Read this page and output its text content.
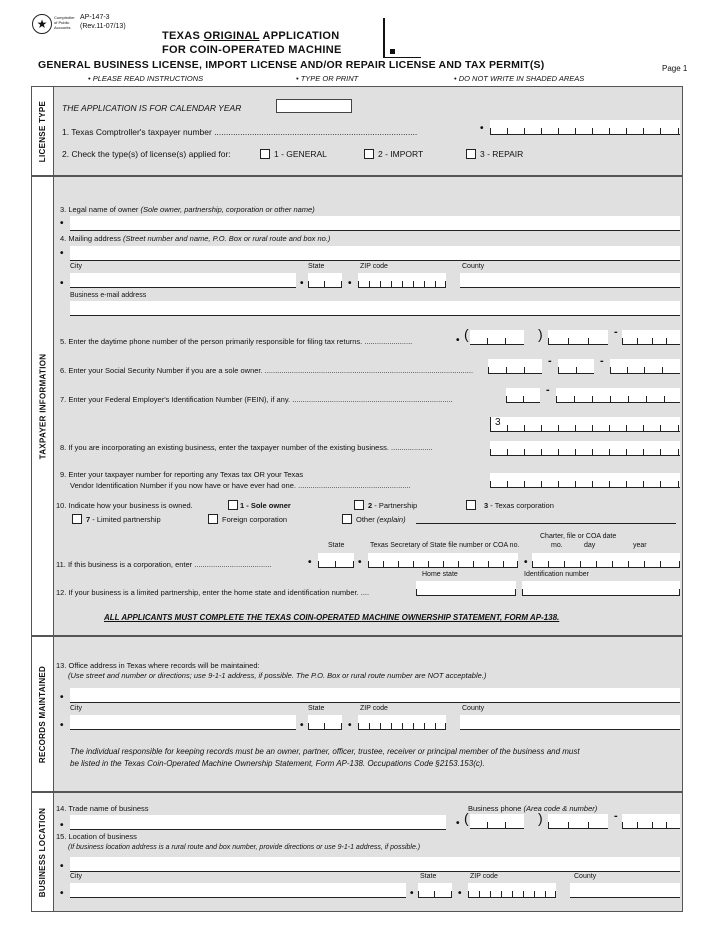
★ Comptroller of Public Accounts
AP-147-3
(Rev.11-07/13)
TEXAS ORIGINAL APPLICATION
FOR COIN-OPERATED MACHINE
GENERAL BUSINESS LICENSE, IMPORT LICENSE AND/OR REPAIR LICENSE AND TAX PERMIT(S)	Page 1
• PLEASE READ INSTRUCTIONS	• TYPE OR PRINT	• DO NOT WRITE IN SHADED AREAS
LICENSE TYPE THE APPLICATION IS FOR CALENDAR YEAR
1. Texas Comptroller's taxpayer number ......................................................................................	•
2. Check the type(s) of license(s) applied for:	1 - GENERAL	2 - IMPORT	3 - REPAIR
TAXPAYER INFORMATION
3. Legal name of owner (Sole owner, partnership, corporation or other name)
•
4. Mailing address (Street number and name, P.O. Box or rural route and box no.)
•
City	State	ZIP code	County
•	•	•
Business e-mail address
5. Enter the daytime phone number of the person primarily responsible for filing tax returns. .......................	• (	)	-
6. Enter your Social Security Number if you are a sole owner. ....................................................................................................
-	-
7. Enter your Federal Employer's Identification Number (FEIN), if any. .............................................................................
-
3
8. If you are incorporating an existing business, enter the taxpayer number of the existing business. ....................
9. Enter your taxpayer number for reporting any Texas tax OR your Texas
Vendor Identification Number if you now have or have ever had one. ......................................................
10. Indicate how your business is owned.	1 - Sole owner	2 - Partnership	3 - Texas corporation
7 - Limited partnership	Foreign corporation	Other (explain)
Charter, file or COA date
mo.	day	year
State	Texas Secretary of State file number or COA no.
11. If this business is a corporation, enter .....................................	•	•	•
Home state	Identification number
12. If your business is a limited partnership, enter the home state and identification number. ....
ALL APPLICANTS MUST COMPLETE THE TEXAS COIN-OPERATED MACHINE OWNERSHIP STATEMENT, FORM AP-138.
RECORDS MAINTAINED 13. Office address in Texas where records will be maintained:
(Use street and number or directions; use 9-1-1 address, if possible. The P.O. Box or rural route number are NOT acceptable.)
•
City	State	ZIP code	County
•	•	•
The individual responsible for keeping records must be an owner, partner, officer, trustee, receiver or principal member of the business and must
be listed in the Texas Coin-Operated Machine Ownership Statement, Form AP-138. Occupations Code §2153.153(c).
BUSINESS LOCATION 14. Trade name of business	Business phone (Area code & number)
•	• (	)	-
15. Location of business
(If business location address is a rural route and box number, provide directions or use 9-1-1 address, if possible.)
•
City	State	ZIP code	County
•	•	•
